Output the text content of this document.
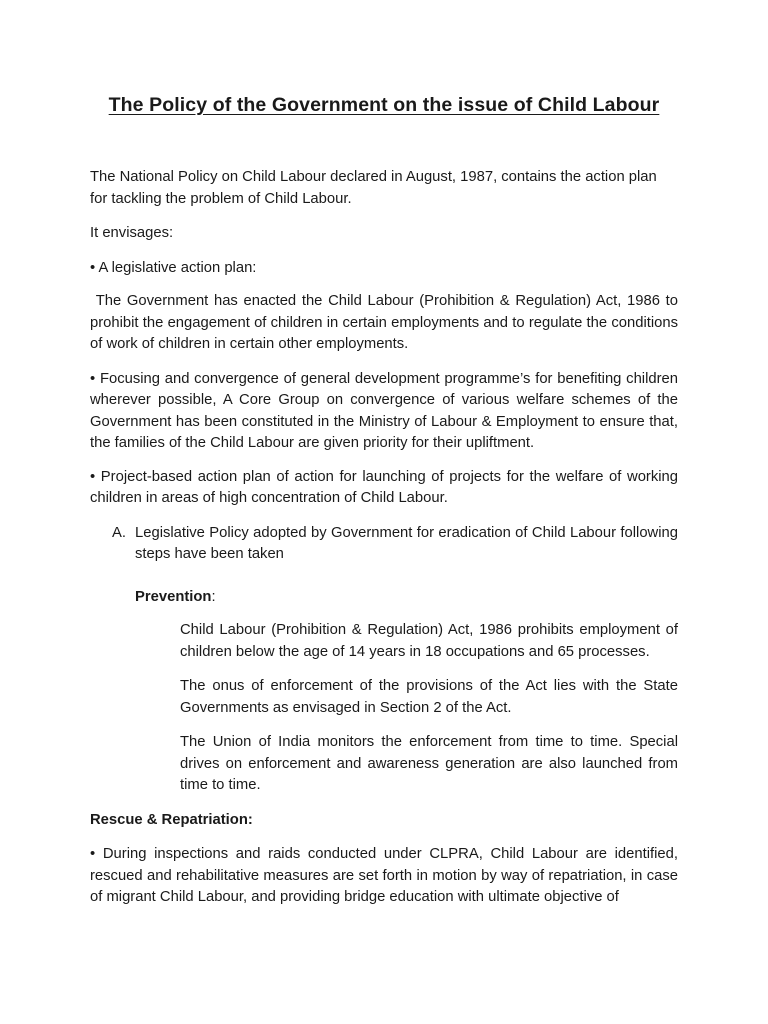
The Policy of the Government on the issue of Child Labour

The National Policy on Child Labour declared in August, 1987, contains the action plan for tackling the problem of Child Labour.

It envisages:

• A legislative action plan:

The Government has enacted the Child Labour (Prohibition & Regulation) Act, 1986 to prohibit the engagement of children in certain employments and to regulate the conditions of work of children in certain other employments.

• Focusing and convergence of general development programme’s for benefiting children wherever possible, A Core Group on convergence of various welfare schemes of the Government has been constituted in the Ministry of Labour & Employment to ensure that, the families of the Child Labour are given priority for their upliftment.

• Project-based action plan of action for launching of projects for the welfare of working children in areas of high concentration of Child Labour.

A. Legislative Policy adopted by Government for eradication of Child Labour following steps have been taken

Prevention:

Child Labour (Prohibition & Regulation) Act, 1986 prohibits employment of children below the age of 14 years in 18 occupations and 65 processes.

The onus of enforcement of the provisions of the Act lies with the State Governments as envisaged in Section 2 of the Act.

The Union of India monitors the enforcement from time to time. Special drives on enforcement and awareness generation are also launched from time to time.

Rescue & Repatriation:

• During inspections and raids conducted under CLPRA, Child Labour are identified, rescued and rehabilitative measures are set forth in motion by way of repatriation, in case of migrant Child Labour, and providing bridge education with ultimate objective of
